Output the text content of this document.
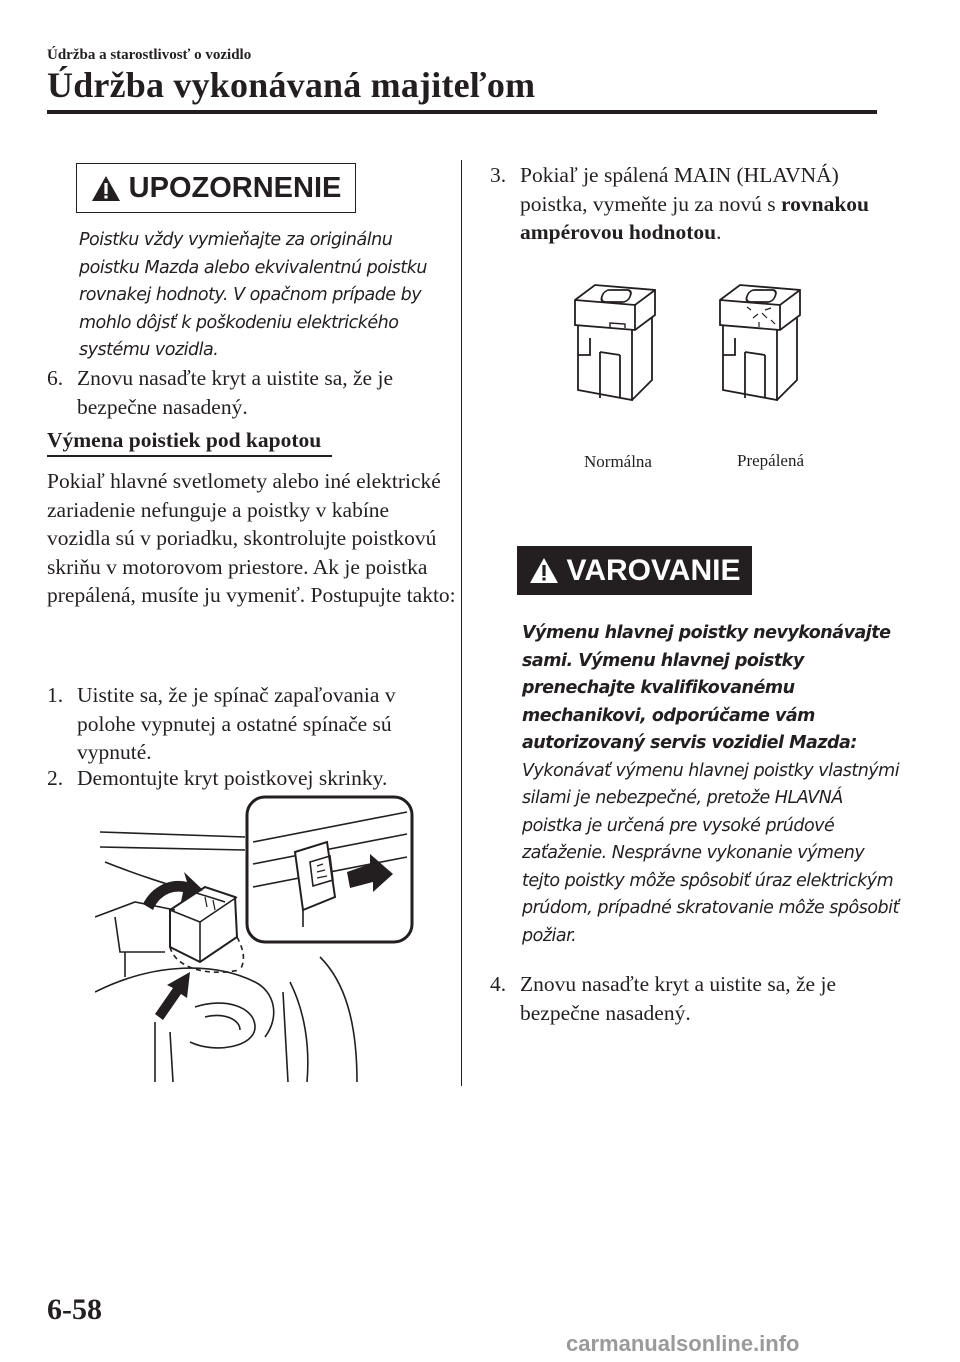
Údržba a starostlivosť o vozidlo
Údržba vykonávaná majiteľom
UPOZORNENIE
Poistku vždy vymieňajte za originálnu poistku Mazda alebo ekvivalentnú poistku rovnakej hodnoty. V opačnom prípade by mohlo dôjsť k poškodeniu elektrického systému vozidla.
6. Znovu nasaďte kryt a uistite sa, že je bezpečne nasadený.
Výmena poistiek pod kapotou
Pokiaľ hlavné svetlomety alebo iné elektrické zariadenie nefunguje a poistky v kabíne vozidla sú v poriadku, skontrolujte poistkovú skriňu v motorovom priestore. Ak je poistka prepálená, musíte ju vymeniť. Postupujte takto:
1. Uistite sa, že je spínač zapaľovania v polohe vypnutej a ostatné spínače sú vypnuté.
2. Demontujte kryt poistkovej skrinky.
3. Pokiaľ je spálená MAIN (HLAVNÁ) poistka, vymeňte ju za novú s rovnakou ampérovou hodnotou.
Normálna	Prepálená
VAROVANIE
Výmenu hlavnej poistky nevykonávajte sami. Výmenu hlavnej poistky prenechajte kvalifikovanému mechanikovi, odporúčame vám autorizovaný servis vozidiel Mazda:
Vykonávať výmenu hlavnej poistky vlastnými silami je nebezpečné, pretože HLAVNÁ poistka je určená pre vysoké prúdové zaťaženie. Nesprávne vykonanie výmeny tejto poistky môže spôsobiť úraz elektrickým prúdom, prípadné skratovanie môže spôsobiť požiar.
4. Znovu nasaďte kryt a uistite sa, že je bezpečne nasadený.
6-58
carmanualsonline.info
